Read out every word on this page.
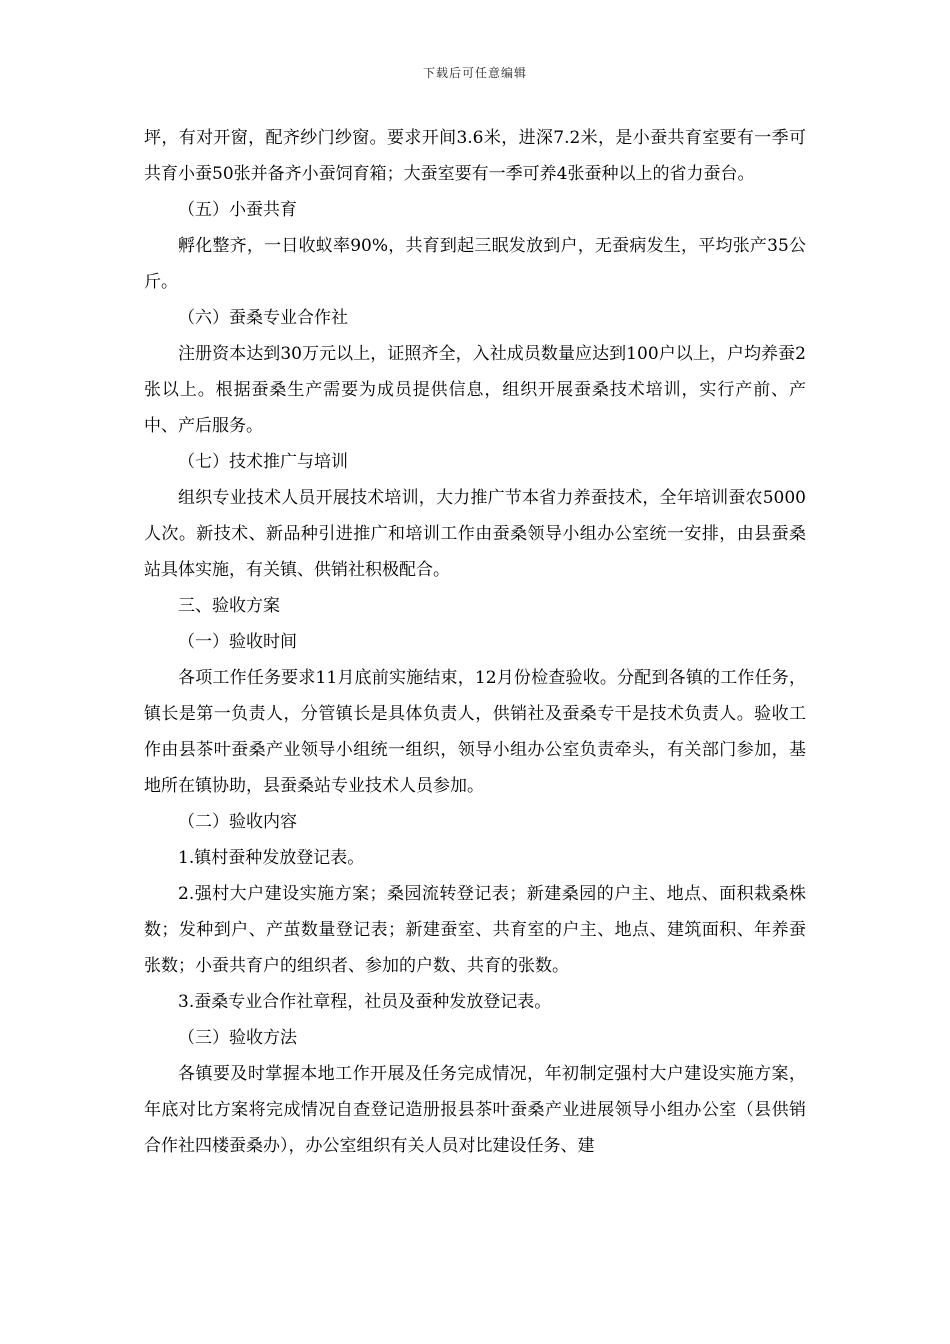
下载后可任意编辑

坪，有对开窗，配齐纱门纱窗。要求开间3.6米，进深7.2米，是小蚕共育室要有一季可共育小蚕50张并备齐小蚕饲育箱；大蚕室要有一季可养4张蚕种以上的省力蚕台。

（五）小蚕共育

孵化整齐，一日收蚁率90%，共育到起三眠发放到户，无蚕病发生，平均张产35公斤。

（六）蚕桑专业合作社

注册资本达到30万元以上，证照齐全，入社成员数量应达到100户以上，户均养蚕2张以上。根据蚕桑生产需要为成员提供信息，组织开展蚕桑技术培训，实行产前、产中、产后服务。

（七）技术推广与培训

组织专业技术人员开展技术培训，大力推广节本省力养蚕技术，全年培训蚕农5000人次。新技术、新品种引进推广和培训工作由蚕桑领导小组办公室统一安排，由县蚕桑站具体实施，有关镇、供销社积极配合。

三、验收方案

（一）验收时间

各项工作任务要求11月底前实施结束，12月份检查验收。分配到各镇的工作任务，镇长是第一负责人，分管镇长是具体负责人，供销社及蚕桑专干是技术负责人。验收工作由县茶叶蚕桑产业领导小组统一组织，领导小组办公室负责牵头，有关部门参加，基地所在镇协助，县蚕桑站专业技术人员参加。

（二）验收内容

1.镇村蚕种发放登记表。

2.强村大户建设实施方案；桑园流转登记表；新建桑园的户主、地点、面积栽桑株数；发种到户、产茧数量登记表；新建蚕室、共育室的户主、地点、建筑面积、年养蚕张数；小蚕共育户的组织者、参加的户数、共育的张数。

3.蚕桑专业合作社章程，社员及蚕种发放登记表。

（三）验收方法

各镇要及时掌握本地工作开展及任务完成情况，年初制定强村大户建设实施方案，年底对比方案将完成情况自查登记造册报县茶叶蚕桑产业进展领导小组办公室（县供销合作社四楼蚕桑办），办公室组织有关人员对比建设任务、建
